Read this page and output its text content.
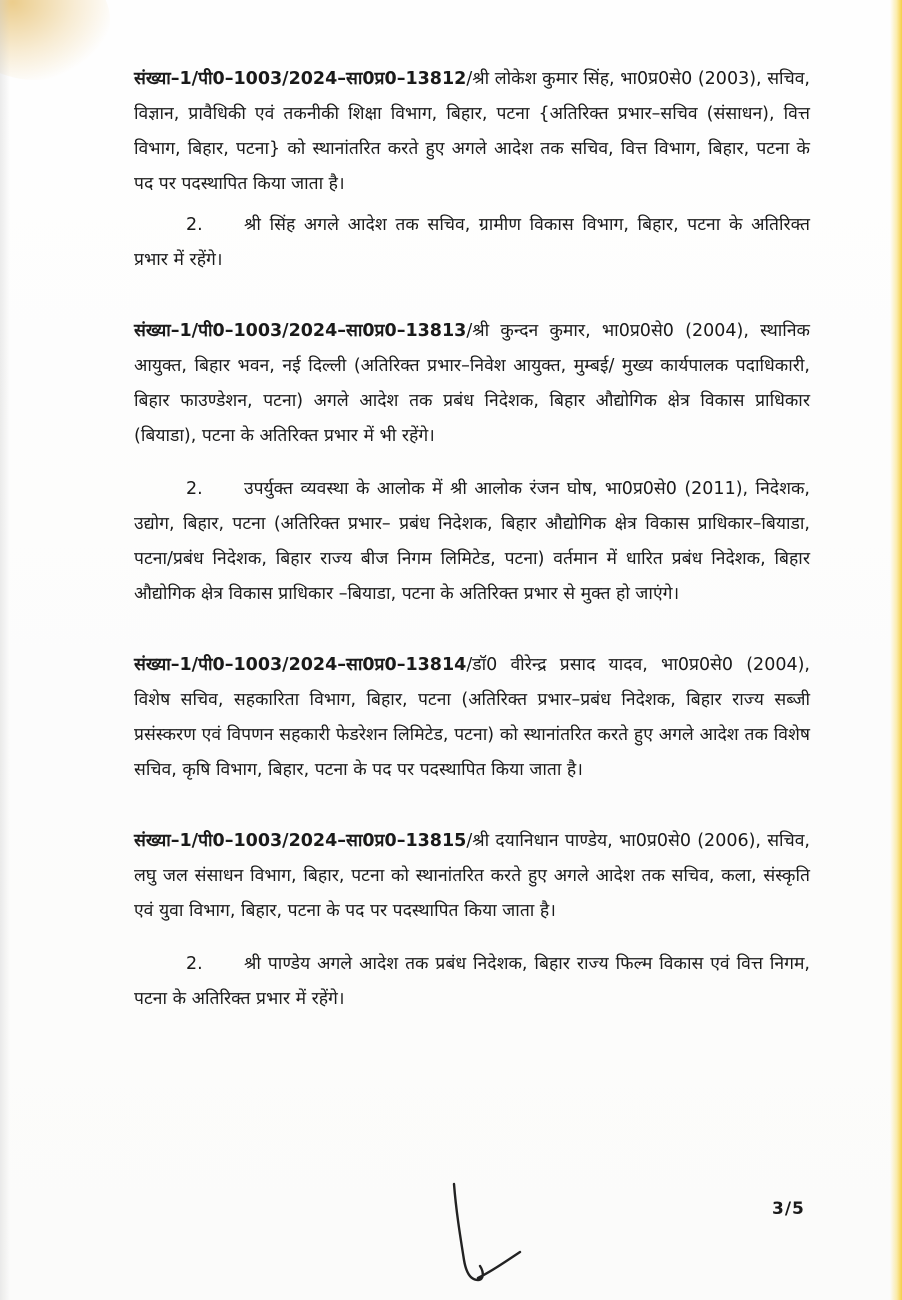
संख्या–1/पी0–1003/2024–सा0प्र0–13812/श्री लोकेश कुमार सिंह, भा0प्र0से0 (2003), सचिव, विज्ञान, प्रावैधिकी एवं तकनीकी शिक्षा विभाग, बिहार, पटना {अतिरिक्त प्रभार–सचिव (संसाधन), वित्त विभाग, बिहार, पटना} को स्थानांतरित करते हुए अगले आदेश तक सचिव, वित्त विभाग, बिहार, पटना के पद पर पदस्थापित किया जाता है।

2. श्री सिंह अगले आदेश तक सचिव, ग्रामीण विकास विभाग, बिहार, पटना के अतिरिक्त प्रभार में रहेंगे।

संख्या–1/पी0–1003/2024–सा0प्र0–13813/श्री कुन्दन कुमार, भा0प्र0से0 (2004), स्थानिक आयुक्त, बिहार भवन, नई दिल्ली (अतिरिक्त प्रभार–निवेश आयुक्त, मुम्बई/ मुख्य कार्यपालक पदाधिकारी, बिहार फाउण्डेशन, पटना) अगले आदेश तक प्रबंध निदेशक, बिहार औद्योगिक क्षेत्र विकास प्राधिकार (बियाडा), पटना के अतिरिक्त प्रभार में भी रहेंगे।

2. उपर्युक्त व्यवस्था के आलोक में श्री आलोक रंजन घोष, भा0प्र0से0 (2011), निदेशक, उद्योग, बिहार, पटना (अतिरिक्त प्रभार– प्रबंध निदेशक, बिहार औद्योगिक क्षेत्र विकास प्राधिकार–बियाडा, पटना/प्रबंध निदेशक, बिहार राज्य बीज निगम लिमिटेड, पटना) वर्तमान में धारित प्रबंध निदेशक, बिहार औद्योगिक क्षेत्र विकास प्राधिकार –बियाडा, पटना के अतिरिक्त प्रभार से मुक्त हो जाएंगे।

संख्या–1/पी0–1003/2024–सा0प्र0–13814/डॉ0 वीरेन्द्र प्रसाद यादव, भा0प्र0से0 (2004), विशेष सचिव, सहकारिता विभाग, बिहार, पटना (अतिरिक्त प्रभार–प्रबंध निदेशक, बिहार राज्य सब्जी प्रसंस्करण एवं विपणन सहकारी फेडरेशन लिमिटेड, पटना) को स्थानांतरित करते हुए अगले आदेश तक विशेष सचिव, कृषि विभाग, बिहार, पटना के पद पर पदस्थापित किया जाता है।

संख्या–1/पी0–1003/2024–सा0प्र0–13815/श्री दयानिधान पाण्डेय, भा0प्र0से0 (2006), सचिव, लघु जल संसाधन विभाग, बिहार, पटना को स्थानांतरित करते हुए अगले आदेश तक सचिव, कला, संस्कृति एवं युवा विभाग, बिहार, पटना के पद पर पदस्थापित किया जाता है।

2. श्री पाण्डेय अगले आदेश तक प्रबंध निदेशक, बिहार राज्य फिल्म विकास एवं वित्त निगम, पटना के अतिरिक्त प्रभार में रहेंगे।

3/5
